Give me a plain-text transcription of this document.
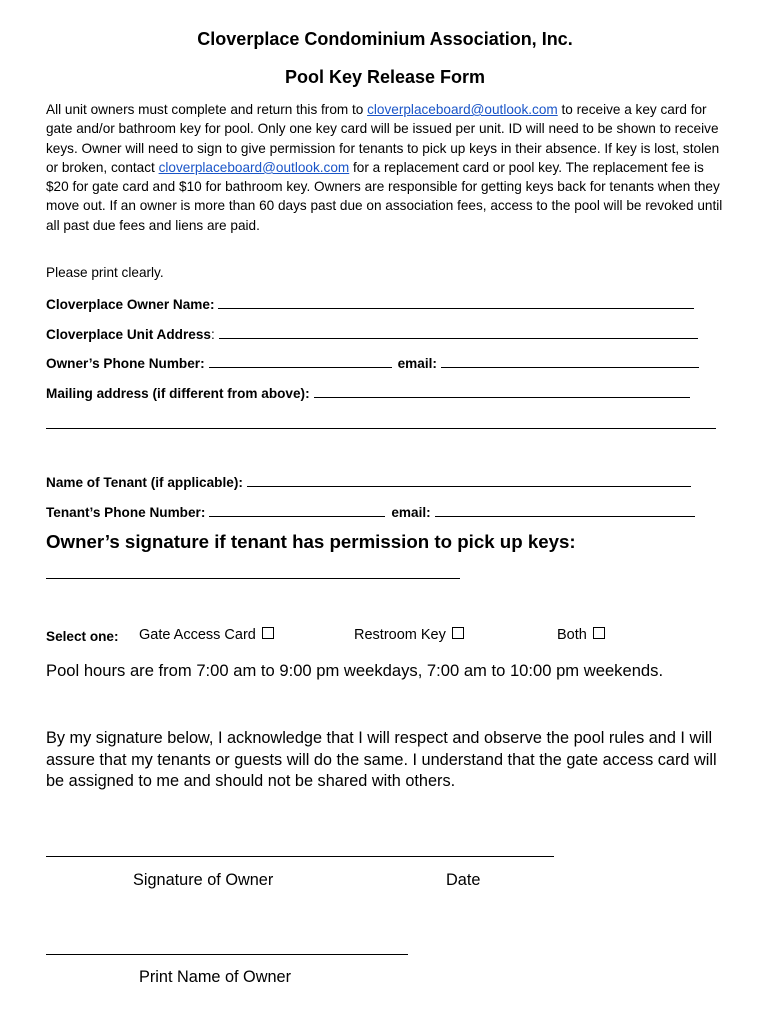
Cloverplace Condominium Association, Inc.
Pool Key Release Form

All unit owners must complete and return this from to cloverplaceboard@outlook.com to receive a key card for gate and/or bathroom key for pool. Only one key card will be issued per unit. ID will need to be shown to receive keys. Owner will need to sign to give permission for tenants to pick up keys in their absence. If key is lost, stolen or broken, contact cloverplaceboard@outlook.com for a replacement card or pool key. The replacement fee is $20 for gate card and $10 for bathroom key. Owners are responsible for getting keys back for tenants when they move out. If an owner is more than 60 days past due on association fees, access to the pool will be revoked until all past due fees and liens are paid.

Please print clearly.

Cloverplace Owner Name:
Cloverplace Unit Address:
Owner’s Phone Number:	email:
Mailing address (if different from above):
Name of Tenant (if applicable):
Tenant’s Phone Number:	email:
Owner’s signature if tenant has permission to pick up keys:
Select one: Gate Access Card	Restroom Key	Both

Pool hours are from 7:00 am to 9:00 pm weekdays, 7:00 am to 10:00 pm weekends.

By my signature below, I acknowledge that I will respect and observe the pool rules and I will assure that my tenants or guests will do the same. I understand that the gate access card will be assigned to me and should not be shared with others.

Signature of Owner	Date

Print Name of Owner
